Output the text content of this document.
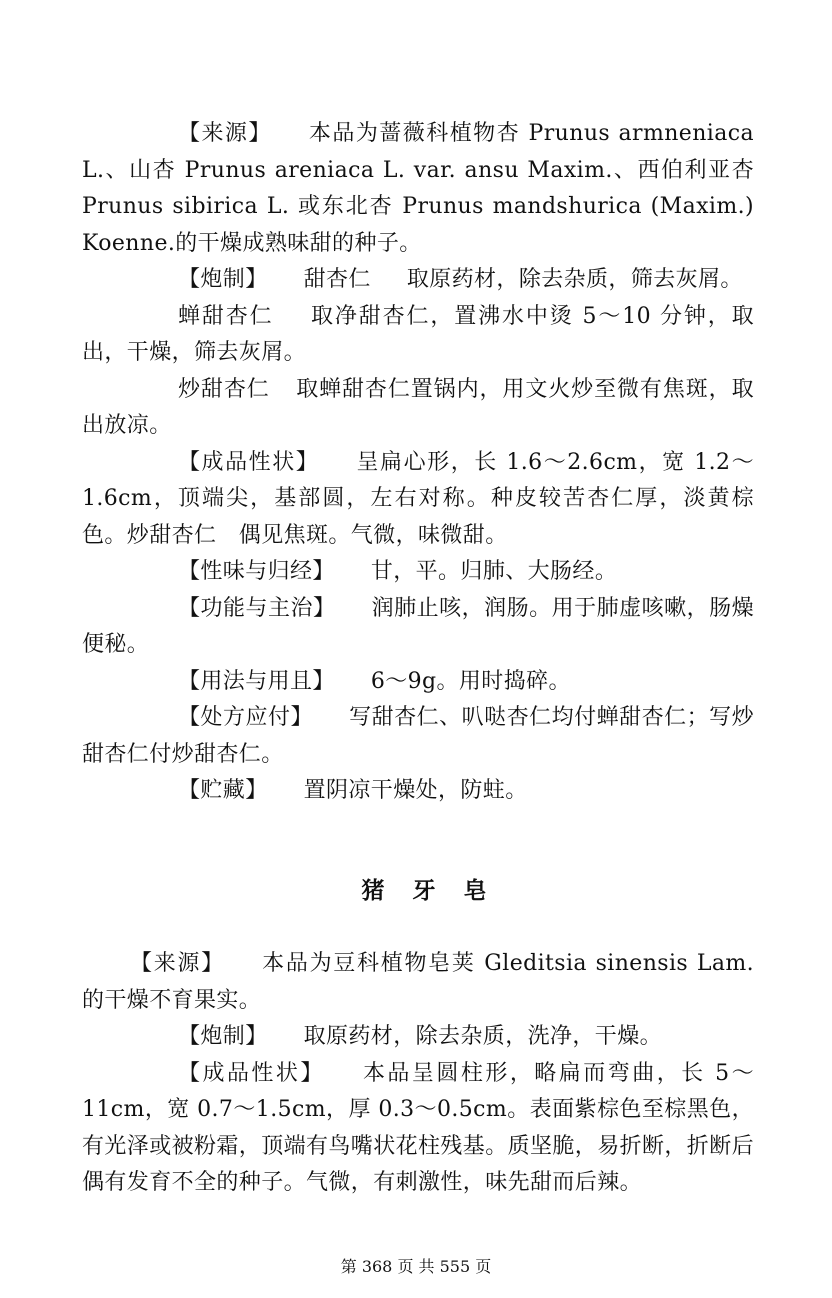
【来源】 本品为蔷薇科植物杏 Prunus armneniaca L.、山杏 Prunus areniaca L. var. ansu Maxim.、西伯利亚杏 Prunus sibirica L. 或东北杏 Prunus mandshurica (Maxim.) Koenne.的干燥成熟味甜的种子。

【炮制】 甜杏仁 取原药材，除去杂质，筛去灰屑。

蝉甜杏仁 取净甜杏仁，置沸水中烫 5～10 分钟，取出，干燥，筛去灰屑。

炒甜杏仁 取蝉甜杏仁置锅内，用文火炒至微有焦斑，取出放凉。

【成品性状】 呈扁心形，长 1.6～2.6cm，宽 1.2～1.6cm，顶端尖，基部圆，左右对称。种皮较苦杏仁厚，淡黄棕色。炒甜杏仁　偶见焦斑。气微，味微甜。

【性味与归经】 甘，平。归肺、大肠经。

【功能与主治】 润肺止咳，润肠。用于肺虚咳嗽，肠燥便秘。

【用法与用且】 6～9g。用时捣碎。

【处方应付】 写甜杏仁、叭哒杏仁均付蝉甜杏仁；写炒甜杏仁付炒甜杏仁。

【贮藏】 置阴凉干燥处，防蛀。

猪牙皂

【来源】 本品为豆科植物皂荚 Gleditsia sinensis Lam.的干燥不育果实。

【炮制】 取原药材，除去杂质，洗净，干燥。

【成品性状】 本品呈圆柱形，略扁而弯曲，长 5～11cm，宽 0.7～1.5cm，厚 0.3～0.5cm。表面紫棕色至棕黑色，有光泽或被粉霜，顶端有鸟嘴状花柱残基。质坚脆，易折断，折断后偶有发育不全的种子。气微，有刺激性，味先甜而后辣。

第 368 页 共 555 页
